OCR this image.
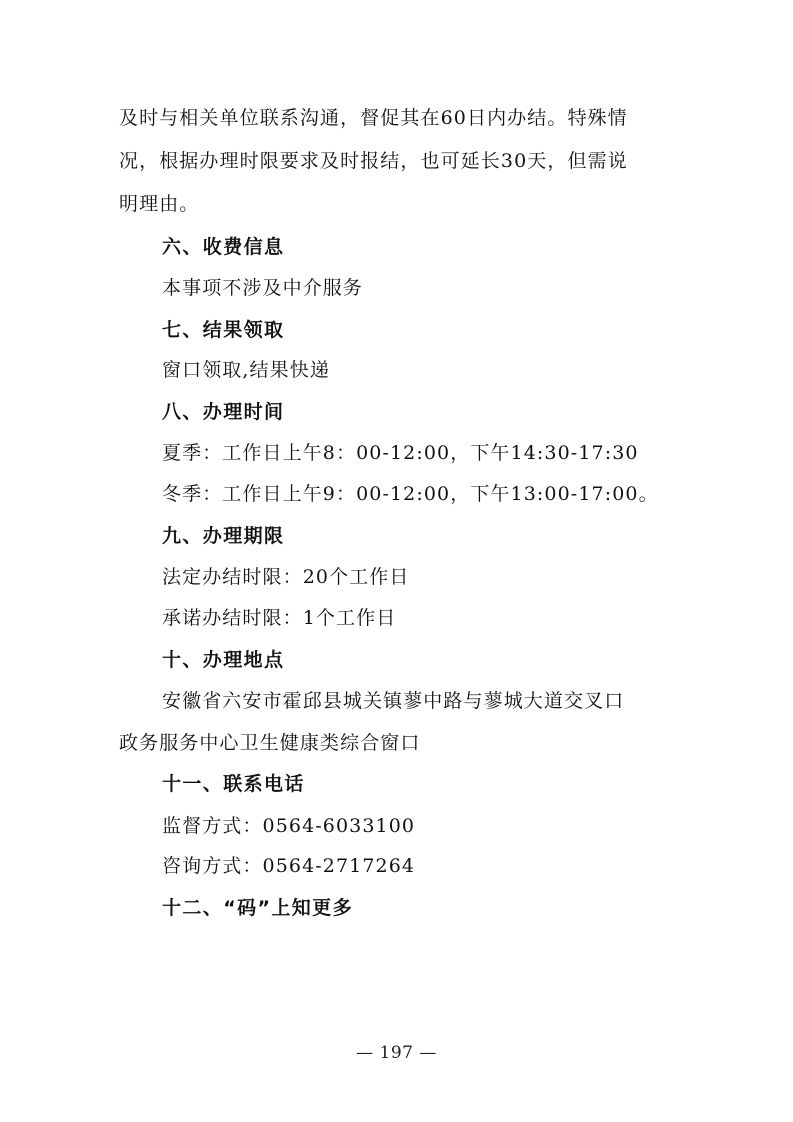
及时与相关单位联系沟通，督促其在60日内办结。特殊情
况，根据办理时限要求及时报结，也可延长30天，但需说
明理由。
六、收费信息
本事项不涉及中介服务
七、结果领取
窗口领取,结果快递
八、办理时间
夏季：工作日上午8：00-12:00，下午14:30-17:30
冬季：工作日上午9：00-12:00，下午13:00-17:00。
九、办理期限
法定办结时限：20个工作日
承诺办结时限：1个工作日
十、办理地点
安徽省六安市霍邱县城关镇蓼中路与蓼城大道交叉口
政务服务中心卫生健康类综合窗口
十一、联系电话
监督方式：0564-6033100
咨询方式：0564-2717264
十二、“码”上知更多
— 197 —
